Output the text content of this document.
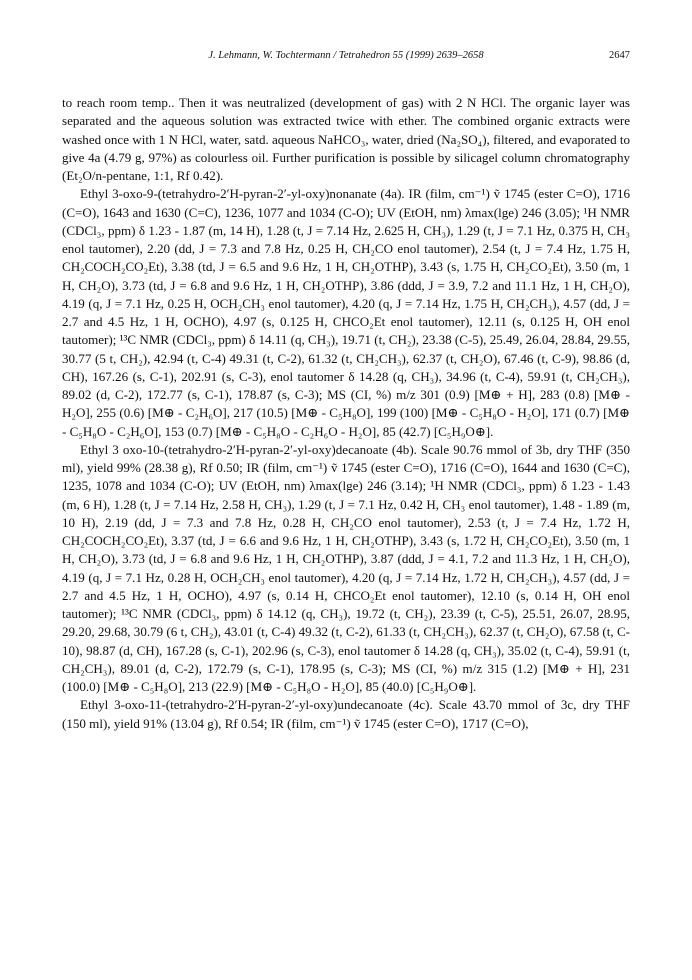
J. Lehmann, W. Tochtermann / Tetrahedron 55 (1999) 2639–2658	2647

to reach room temp.. Then it was neutralized (development of gas) with 2 N HCl. The organic layer was separated and the aqueous solution was extracted twice with ether. The combined organic extracts were washed once with 1 N HCl, water, satd. aqueous NaHCO₃, water, dried (Na₂SO₄), filtered, and evaporated to give 4a (4.79 g, 97%) as colourless oil. Further purification is possible by silicagel column chromatography (Et₂O/n-pentane, 1:1, Rf 0.42).

Ethyl 3-oxo-9-(tetrahydro-2′H-pyran-2′-yl-oxy)nonanate (4a). IR (film, cm⁻¹) ṽ 1745 (ester C=O), 1716 (C=O), 1643 and 1630 (C=C), 1236, 1077 and 1034 (C-O); UV (EtOH, nm) λmax(lge) 246 (3.05); ¹H NMR (CDCl₃, ppm) δ 1.23 - 1.87 (m, 14 H), 1.28 (t, J = 7.14 Hz, 2.625 H, CH₃), 1.29 (t, J = 7.1 Hz, 0.375 H, CH₃ enol tautomer), 2.20 (dd, J = 7.3 and 7.8 Hz, 0.25 H, CH₂CO enol tautomer), 2.54 (t, J = 7.4 Hz, 1.75 H, CH₂COCH₂CO₂Et), 3.38 (td, J = 6.5 and 9.6 Hz, 1 H, CH₂OTHP), 3.43 (s, 1.75 H, CH₂CO₂Et), 3.50 (m, 1 H, CH₂O), 3.73 (td, J = 6.8 and 9.6 Hz, 1 H, CH₂OTHP), 3.86 (ddd, J = 3.9, 7.2 and 11.1 Hz, 1 H, CH₂O), 4.19 (q, J = 7.1 Hz, 0.25 H, OCH₂CH₃ enol tautomer), 4.20 (q, J = 7.14 Hz, 1.75 H, CH₂CH₃), 4.57 (dd, J = 2.7 and 4.5 Hz, 1 H, OCHO), 4.97 (s, 0.125 H, CHCO₂Et enol tautomer), 12.11 (s, 0.125 H, OH enol tautomer); ¹³C NMR (CDCl₃, ppm) δ 14.11 (q, CH₃), 19.71 (t, CH₂), 23.38 (C-5), 25.49, 26.04, 28.84, 29.55, 30.77 (5 t, CH₂), 42.94 (t, C-4) 49.31 (t, C-2), 61.32 (t, CH₂CH₃), 62.37 (t, CH₂O), 67.46 (t, C-9), 98.86 (d, CH), 167.26 (s, C-1), 202.91 (s, C-3), enol tautomer δ 14.28 (q, CH₃), 34.96 (t, C-4), 59.91 (t, CH₂CH₃), 89.02 (d, C-2), 172.77 (s, C-1), 178.87 (s, C-3); MS (CI, %) m/z 301 (0.9) [M⊕ + H], 283 (0.8) [M⊕ - H₂O], 255 (0.6) [M⊕ - C₂H₆O], 217 (10.5) [M⊕ - C₅H₈O], 199 (100) [M⊕ - C₅H₈O - H₂O], 171 (0.7) [M⊕ - C₅H₈O - C₂H₆O], 153 (0.7) [M⊕ - C₅H₈O - C₂H₆O - H₂O], 85 (42.7) [C₅H₉O⊕].

Ethyl 3 oxo-10-(tetrahydro-2′H-pyran-2′-yl-oxy)decanoate (4b). Scale 90.76 mmol of 3b, dry THF (350 ml), yield 99% (28.38 g), Rf 0.50; IR (film, cm⁻¹) ṽ 1745 (ester C=O), 1716 (C=O), 1644 and 1630 (C=C), 1235, 1078 and 1034 (C-O); UV (EtOH, nm) λmax(lge) 246 (3.14); ¹H NMR (CDCl₃, ppm) δ 1.23 - 1.43 (m, 6 H), 1.28 (t, J = 7.14 Hz, 2.58 H, CH₃), 1.29 (t, J = 7.1 Hz, 0.42 H, CH₃ enol tautomer), 1.48 - 1.89 (m, 10 H), 2.19 (dd, J = 7.3 and 7.8 Hz, 0.28 H, CH₂CO enol tautomer), 2.53 (t, J = 7.4 Hz, 1.72 H, CH₂COCH₂CO₂Et), 3.37 (td, J = 6.6 and 9.6 Hz, 1 H, CH₂OTHP), 3.43 (s, 1.72 H, CH₂CO₂Et), 3.50 (m, 1 H, CH₂O), 3.73 (td, J = 6.8 and 9.6 Hz, 1 H, CH₂OTHP), 3.87 (ddd, J = 4.1, 7.2 and 11.3 Hz, 1 H, CH₂O), 4.19 (q, J = 7.1 Hz, 0.28 H, OCH₂CH₃ enol tautomer), 4.20 (q, J = 7.14 Hz, 1.72 H, CH₂CH₃), 4.57 (dd, J = 2.7 and 4.5 Hz, 1 H, OCHO), 4.97 (s, 0.14 H, CHCO₂Et enol tautomer), 12.10 (s, 0.14 H, OH enol tautomer); ¹³C NMR (CDCl₃, ppm) δ 14.12 (q, CH₃), 19.72 (t, CH₂), 23.39 (t, C-5), 25.51, 26.07, 28.95, 29.20, 29.68, 30.79 (6 t, CH₂), 43.01 (t, C-4) 49.32 (t, C-2), 61.33 (t, CH₂CH₃), 62.37 (t, CH₂O), 67.58 (t, C-10), 98.87 (d, CH), 167.28 (s, C-1), 202.96 (s, C-3), enol tautomer δ 14.28 (q, CH₃), 35.02 (t, C-4), 59.91 (t, CH₂CH₃), 89.01 (d, C-2), 172.79 (s, C-1), 178.95 (s, C-3); MS (CI, %) m/z 315 (1.2) [M⊕ + H], 231 (100.0) [M⊕ - C₅H₈O], 213 (22.9) [M⊕ - C₅H₈O - H₂O], 85 (40.0) [C₅H₉O⊕].

Ethyl 3-oxo-11-(tetrahydro-2′H-pyran-2′-yl-oxy)undecanoate (4c). Scale 43.70 mmol of 3c, dry THF (150 ml), yield 91% (13.04 g), Rf 0.54; IR (film, cm⁻¹) ṽ 1745 (ester C=O), 1717 (C=O),
